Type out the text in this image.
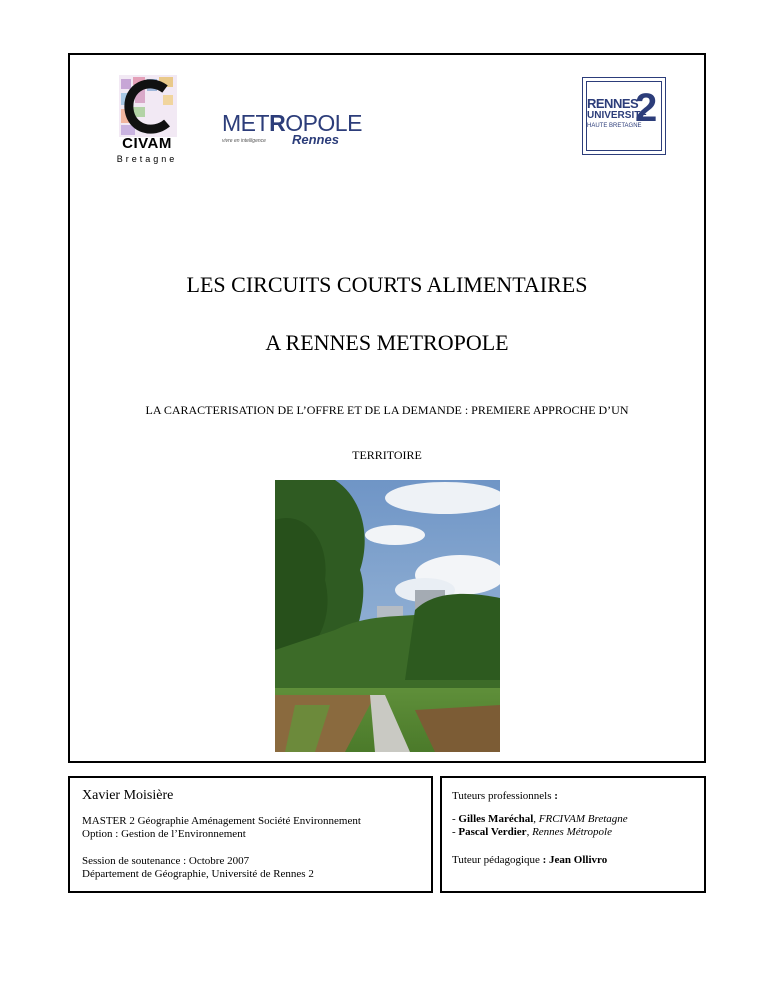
CIVAM
Bretagne
METROPOLE
vivre en intelligence Rennes
RENNES
UNIVERSITÉ
HAUTE BRETAGNE
2
LES CIRCUITS COURTS ALIMENTAIRES
A RENNES METROPOLE
LA CARACTERISATION DE L’OFFRE ET DE LA DEMANDE : PREMIERE APPROCHE D’UN
TERRITOIRE
Xavier Moisière
MASTER 2 Géographie Aménagement Société Environnement
Option : Gestion de l’Environnement
Session de soutenance : Octobre 2007
Département de Géographie, Université de Rennes 2
Tuteurs professionnels :
- Gilles Maréchal, FRCIVAM Bretagne
- Pascal Verdier, Rennes Métropole
Tuteur pédagogique : Jean Ollivro
